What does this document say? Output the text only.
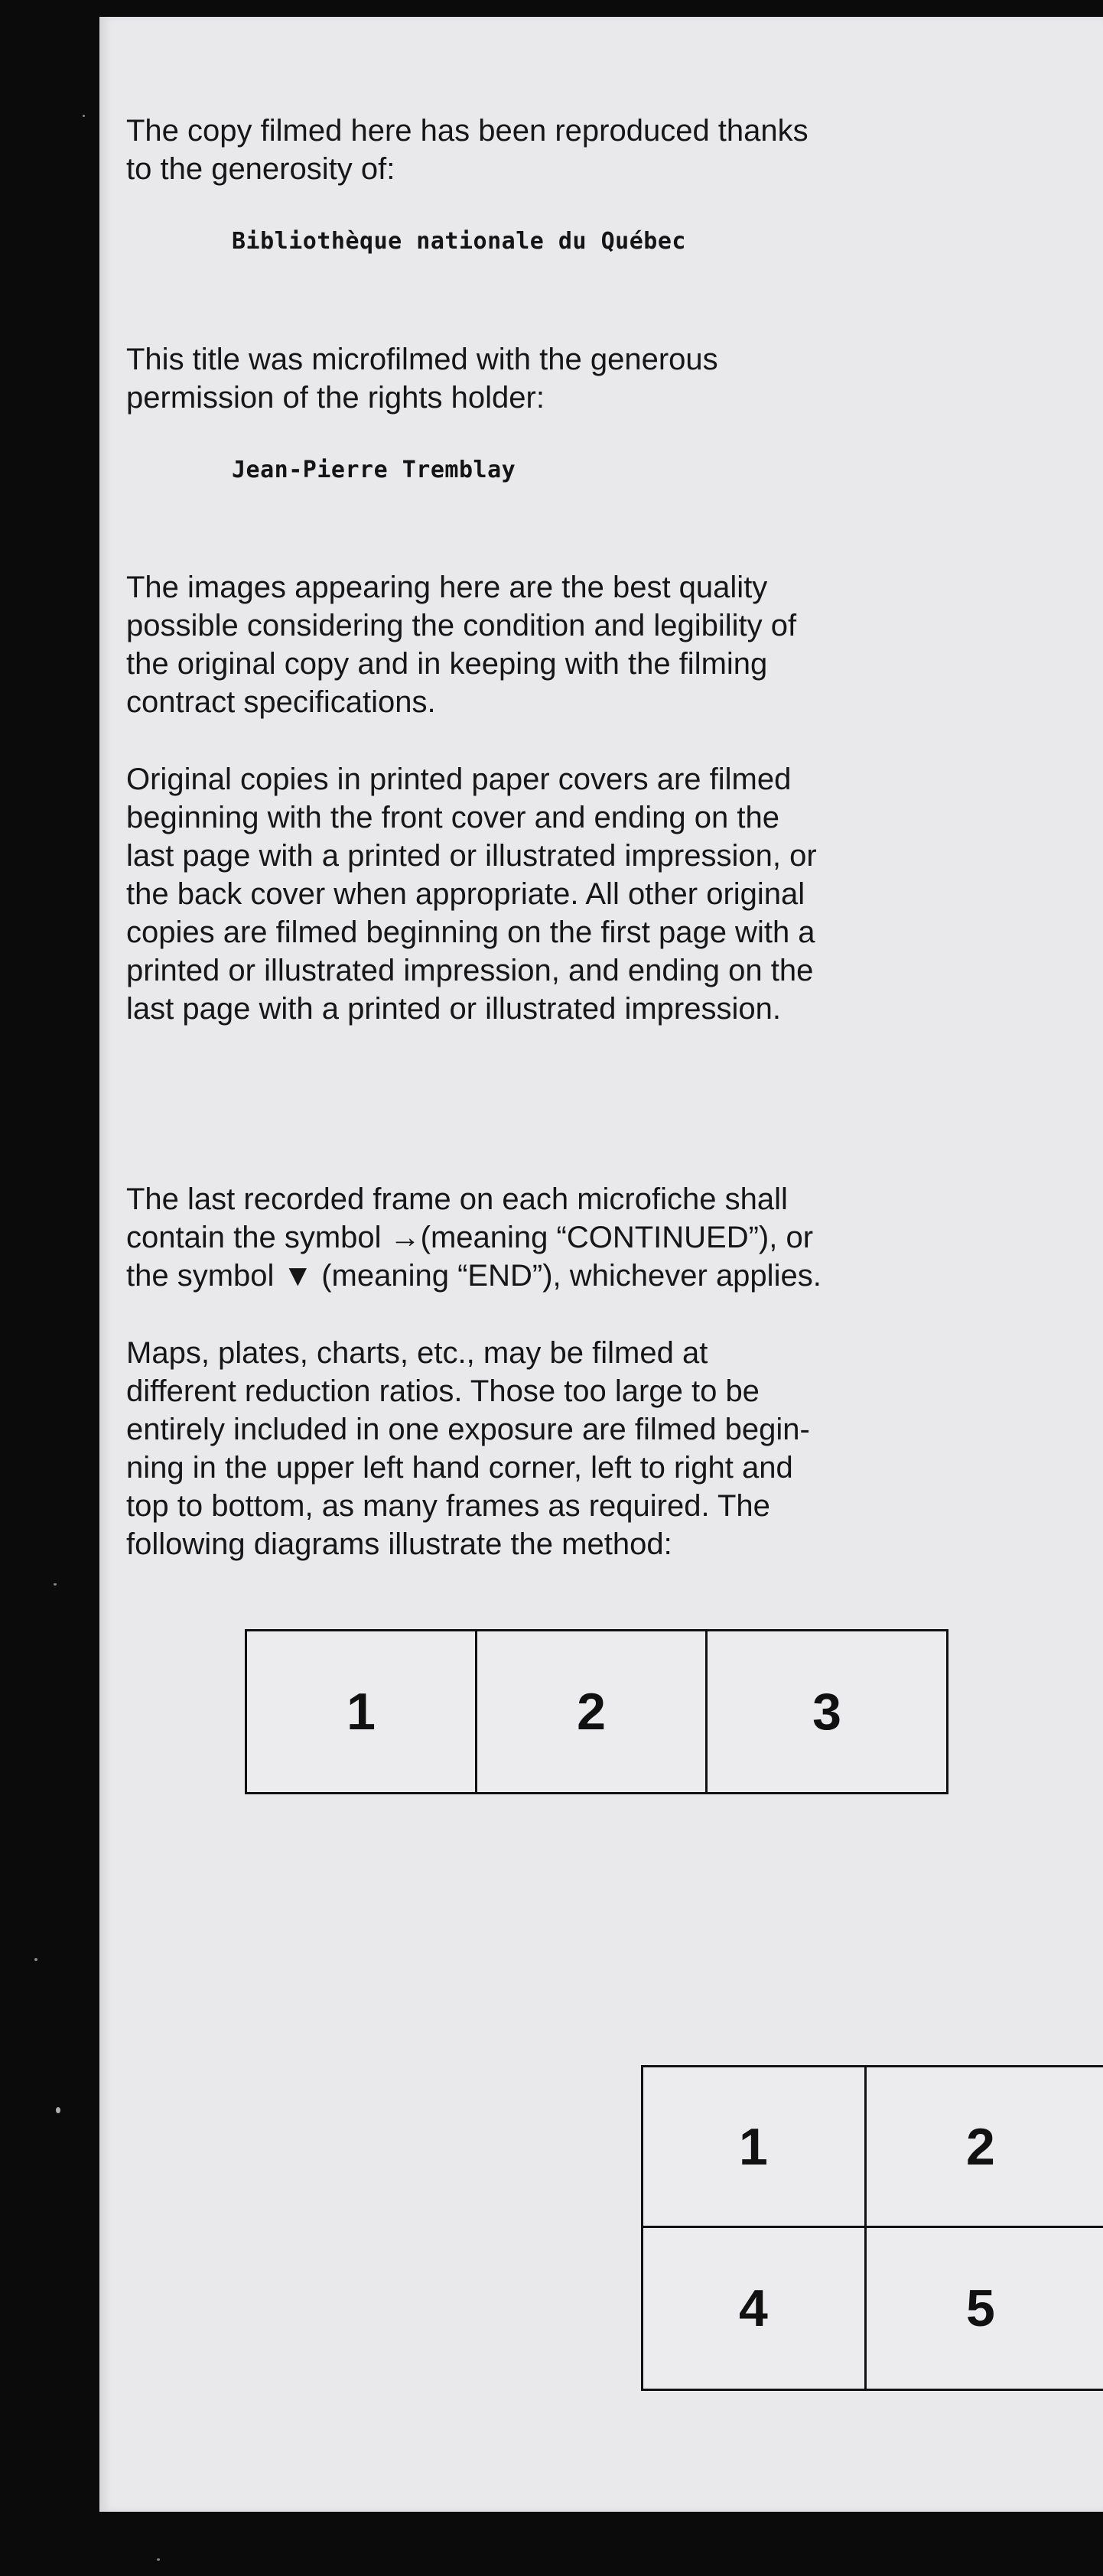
The copy filmed here has been reproduced thanks
to the generosity of:

Bibliothèque nationale du Québec

This title was microfilmed with the generous
permission of the rights holder:

Jean-Pierre Tremblay

The images appearing here are the best quality
possible considering the condition and legibility of
the original copy and in keeping with the filming
contract specifications.

Original copies in printed paper covers are filmed
beginning with the front cover and ending on the
last page with a printed or illustrated impression, or
the back cover when appropriate. All other original
copies are filmed beginning on the first page with a
printed or illustrated impression, and ending on the
last page with a printed or illustrated impression.

The last recorded frame on each microfiche shall
contain the symbol →(meaning “CONTINUED”), or
the symbol ▼ (meaning “END”), whichever applies.

Maps, plates, charts, etc., may be filmed at
different reduction ratios. Those too large to be
entirely included in one exposure are filmed begin-
ning in the upper left hand corner, left to right and
top to bottom, as many frames as required. The
following diagrams illustrate the method:

1	2	3
1	2
4	5
